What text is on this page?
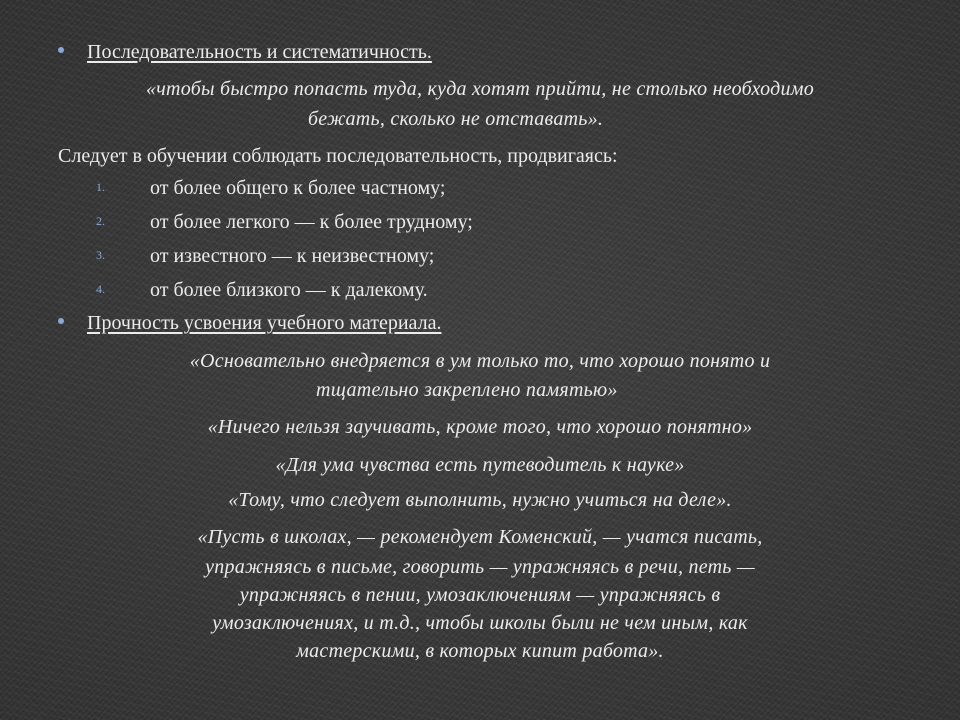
Последовательность и систематичность.
«чтобы быстро попасть туда, куда хотят прийти, не столько необходимо
бежать, сколько не отставать».
Следует в обучении соблюдать последовательность, продвигаясь:
1. от более общего к более частному;
2. от более легкого — к более трудному;
3. от известного — к неизвестному;
4. от более близкого — к далекому.
Прочность усвоения учебного материала.
«Основательно внедряется в ум только то, что хорошо понято и
тщательно закреплено памятью»
«Ничего нельзя заучивать, кроме того, что хорошо понятно»
«Для ума чувства есть путеводитель к науке»
«Тому, что следует выполнить, нужно учиться на деле».
«Пусть в школах, — рекомендует Коменский, — учатся писать,
упражняясь в письме, говорить — упражняясь в речи, петь —
упражняясь в пении, умозаключениям — упражняясь в
умозаключениях, и т.д., чтобы школы были не чем иным, как
мастерскими, в которых кипит работа».
